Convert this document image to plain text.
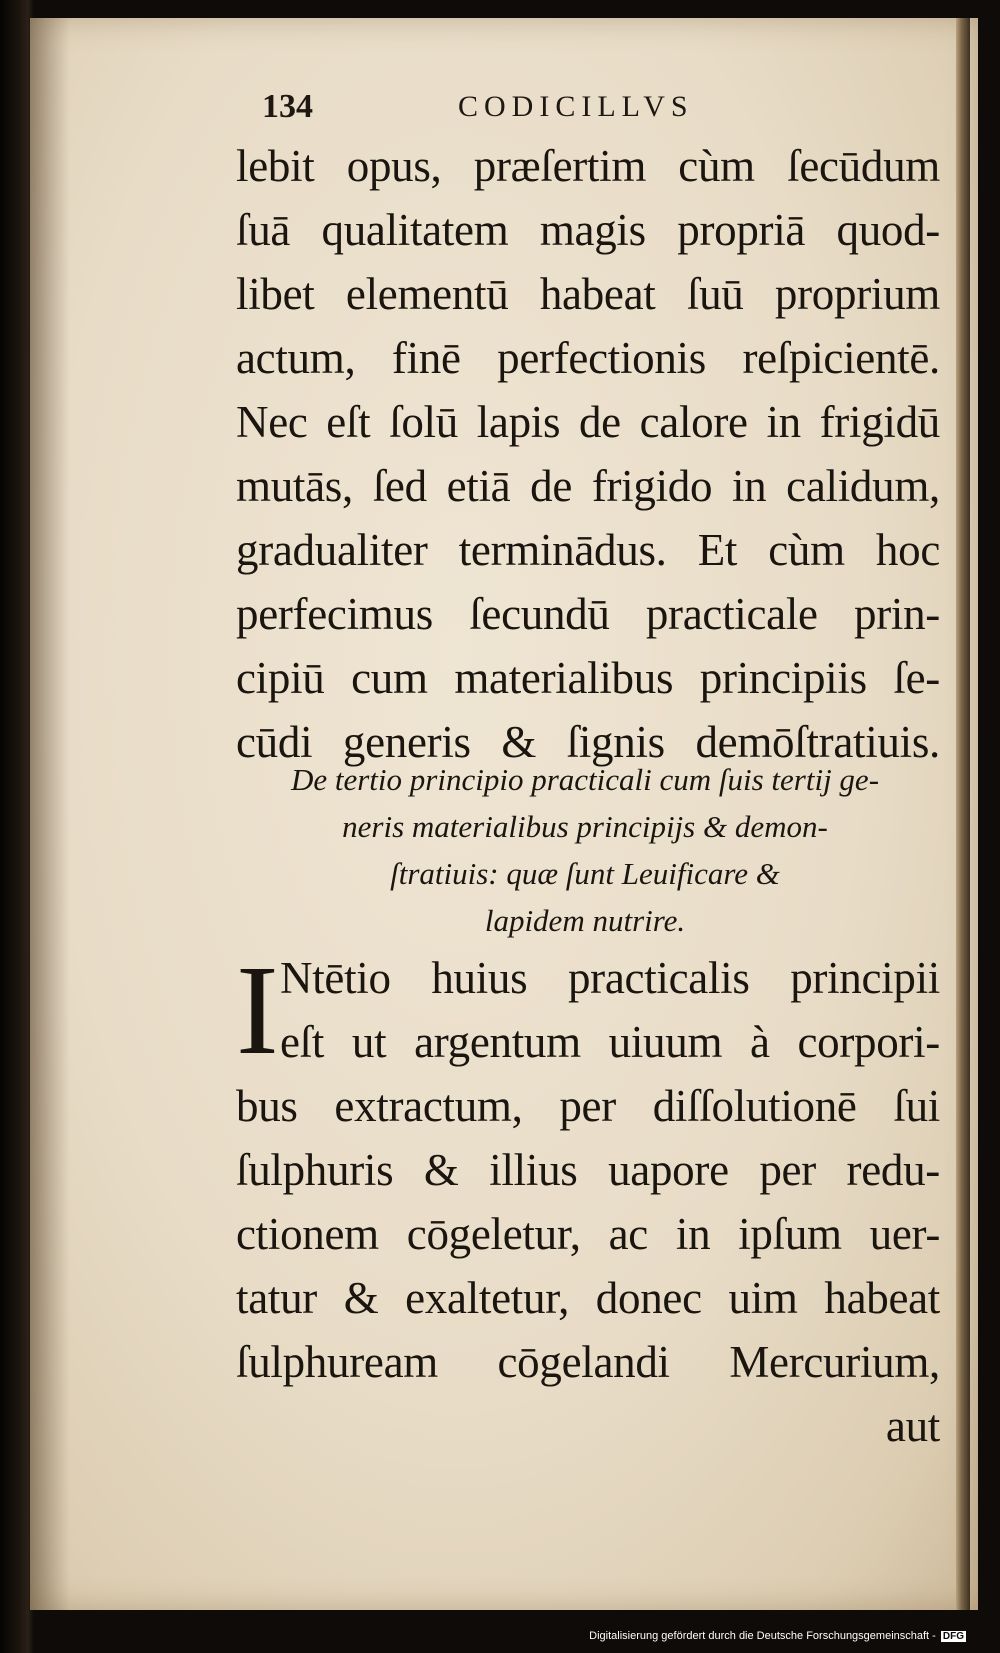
134	CODICILLVS
lebit opus, præſertim cùm ſecūdum
ſuā qualitatem magis propriā quod-
libet elementū habeat ſuū proprium
actum, finē perfectionis reſpicientē.
Nec eſt ſolū lapis de calore in frigidū
mutās, ſed etiā de frigido in calidum,
gradualiter terminādus. Et cùm hoc
perfecimus ſecundū practicale prin-
cipiū cum materialibus principiis ſe-
cūdi generis & ſignis demōſtratiuis.
De tertio principio practicali cum ſuis tertij ge-
neris materialibus principijs & demon-
ſtratiuis: quæ ſunt Leuificare &
lapidem nutrire.
I Ntētio huius practicalis principii
eſt ut argentum uiuum à corpori-
bus extractum, per diſſolutionē ſui
ſulphuris & illius uapore per redu-
ctionem cōgeletur, ac in ipſum uer-
tatur & exaltetur, donec uim habeat
ſulphuream cōgelandi Mercurium,
aut
Digitalisierung gefördert durch die Deutsche Forschungsgemeinschaft - DFG
